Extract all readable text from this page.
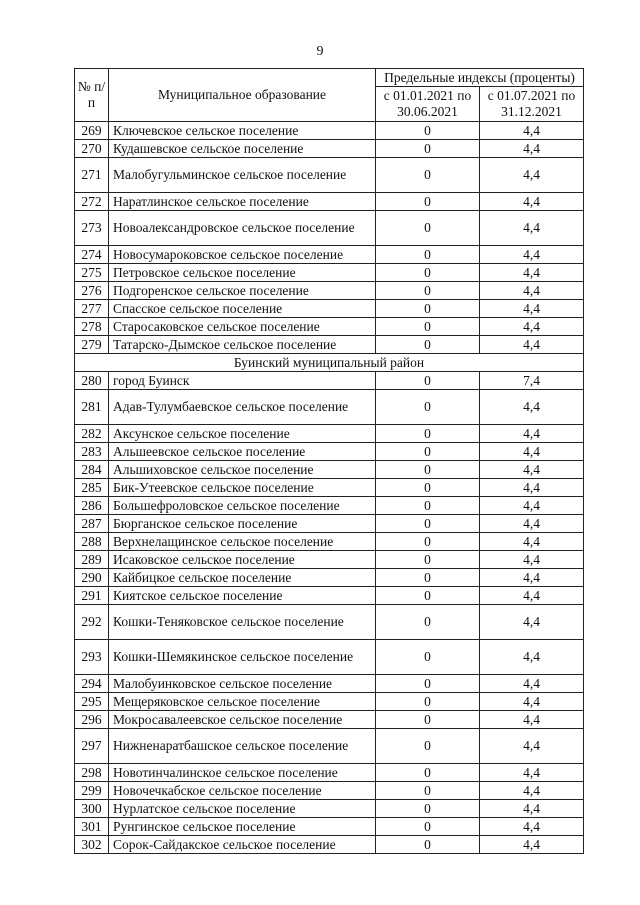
9
№ п/п	Муниципальное образование	Предельные индексы (проценты)	
		с 01.01.2021 по 30.06.2021	с 01.07.2021 по 31.12.2021

269	Ключевское сельское поселение	0	4,4
270	Кудашевское сельское поселение	0	4,4
271	Малобугульминское сельское поселение	0	4,4
272	Наратлинское сельское поселение	0	4,4
273	Новоалександровское сельское поселение	0	4,4
274	Новосумароковское сельское поселение	0	4,4
275	Петровское сельское поселение	0	4,4
276	Подгоренское сельское поселение	0	4,4
277	Спасское сельское поселение	0	4,4
278	Старосаковское сельское поселение	0	4,4
279	Татарско-Дымское сельское поселение	0	4,4
Буинский муниципальный район			
280	город Буинск	0	7,4
281	Адав-Тулумбаевское сельское поселение	0	4,4
282	Аксунское сельское поселение	0	4,4
283	Альшеевское сельское поселение	0	4,4
284	Альшиховское сельское поселение	0	4,4
285	Бик-Утеевское сельское поселение	0	4,4
286	Большефроловское сельское поселение	0	4,4
287	Бюрганское сельское поселение	0	4,4
288	Верхнелащинское сельское поселение	0	4,4
289	Исаковское сельское поселение	0	4,4
290	Кайбицкое сельское поселение	0	4,4
291	Киятское сельское поселение	0	4,4
292	Кошки-Теняковское сельское поселение	0	4,4
293	Кошки-Шемякинское сельское поселение	0	4,4
294	Малобуинковское сельское поселение	0	4,4
295	Мещеряковское сельское поселение	0	4,4
296	Мокросавалеевское сельское поселение	0	4,4
297	Нижненаратбашское сельское поселение	0	4,4
298	Новотинчалинское сельское поселение	0	4,4
299	Новочечкабское сельское поселение	0	4,4
300	Нурлатское сельское поселение	0	4,4
301	Рунгинское сельское поселение	0	4,4
302	Сорок-Сайдакское сельское поселение	0	4,4
